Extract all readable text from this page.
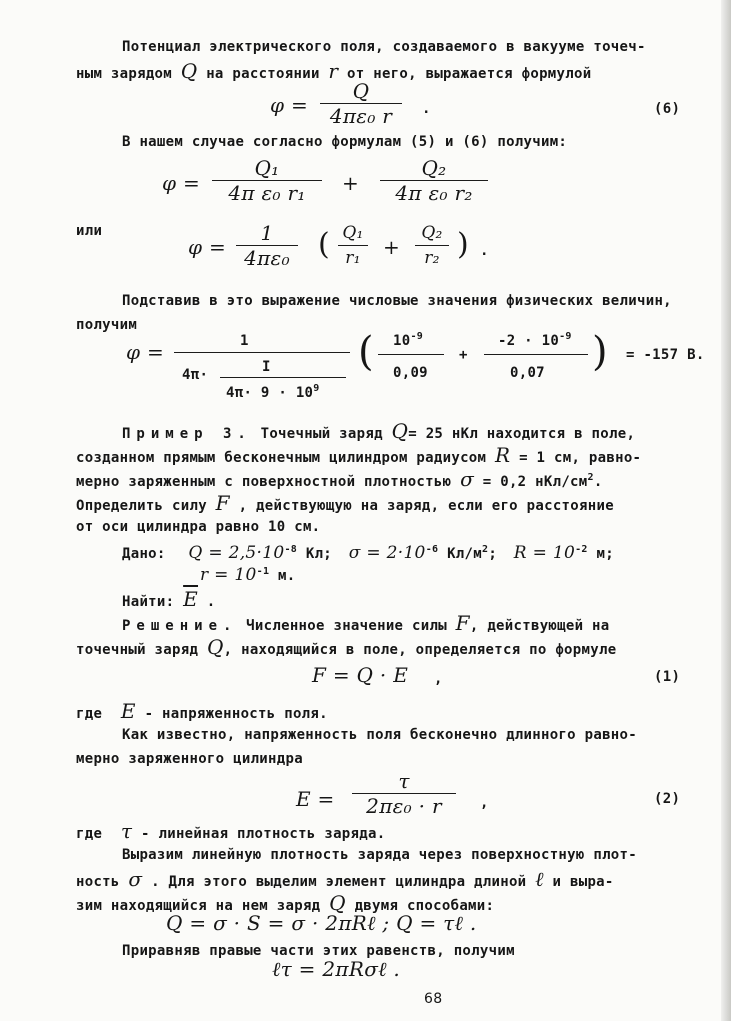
Потенциал электрического поля, создаваемого в вакууме точеч-
ным зарядом Q на расстоянии r от него, выражается формулой
φ =
Q
4πε₀ r .	(6)
В нашем случае согласно формулам (5) и (6) получим:
φ =
Q₁
4π ε₀ r₁ +
Q₂
4π ε₀ r₂
или
φ =
1
4πε₀ ( Q₁
r₁ +
Q₂
r₂ ) .
Подставив в это выражение числовые значения физических величин,
получим
φ =	1
4π·	I
$4\pi\cdot 9 \cdot 10^9$
( $10^{-9}$
0,09
+
$-2 \cdot 10^{-9}$
0,07 ) = -157 В.
Пример 3. Точечный заряд Q= 25 нКл находится в поле,
созданном прямым бесконечным цилиндром радиусом R = 1 см, равно-
мерно заряженным с поверхностной плотностью σ = 0,2 нКл/$см^2$.
Определить силу F , действующую на заряд, если его расстояние
от оси цилиндра равно 10 см.
Дано: $Q = 2,5\cdot 10^{-8}$ Кл; $\sigma = 2\cdot 10^{-6}$ $Кл/м^2$; $R = 10^{-2}$ м;
$r = 10^{-1}$ м.
Найти: $\overline{E}$ .
Решение. Численное значение силы F, действующей на
точечный заряд Q, находящийся в поле, определяется по формуле
F = Q · E ,	(1)
где E - напряженность поля.
Как известно, напряженность поля бесконечно длинного равно-
мерно заряженного цилиндра
E =
τ
2πε₀ · r	,	(2)
где τ - линейная плотность заряда.
Выразим линейную плотность заряда через поверхностную плот-
ность σ . Для этого выделим элемент цилиндра длиной ℓ и выра-
зим находящийся на нем заряд Q двумя способами:
Q = σ · S = σ · 2πRℓ ; Q = τℓ .
Приравняв правые части этих равенств, получим
ℓτ = 2πRσℓ .
68
